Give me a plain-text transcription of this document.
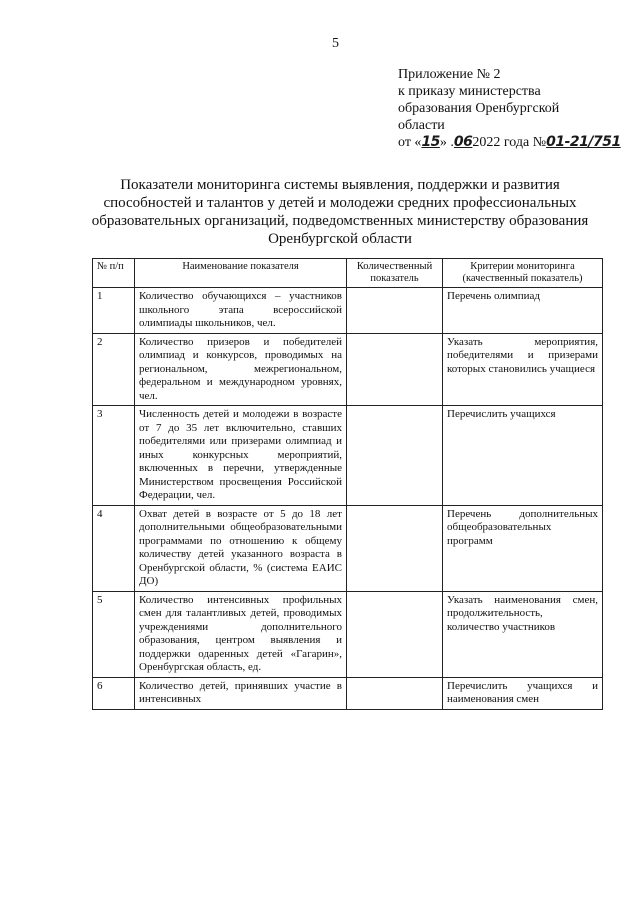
5
Приложение № 2
к приказу министерства
образования Оренбургской
области
от «15» .062022 года №01-21/751
Показатели мониторинга системы выявления, поддержки и развития
способностей и талантов у детей и молодежи средних профессиональных
образовательных организаций, подведомственных министерству образования
Оренбургской области
№ п/п	Наименование показателя	Количественный показатель	Критерии мониторинга (качественный показатель)
1	Количество обучающихся – участников школьного этапа всероссийской олимпиады школьников, чел.		Перечень олимпиад
2	Количество призеров и победителей олимпиад и конкурсов, проводимых на региональном, межрегиональном, федеральном и международном уровнях, чел.		Указать мероприятия, победителями и призерами которых становились учащиеся
3	Численность детей и молодежи в возрасте от 7 до 35 лет включительно, ставших победителями или призерами олимпиад и иных конкурсных мероприятий, включенных в перечни, утвержденные Министерством просвещения Российской Федерации, чел.		Перечислить учащихся
4	Охват детей в возрасте от 5 до 18 лет дополнительными общеобразовательными программами по отношению к общему количеству детей указанного возраста в Оренбургской области, % (система ЕАИС ДО)		Перечень дополнительных общеобразовательных программ
5	Количество интенсивных профильных смен для талантливых детей, проводимых учреждениями дополнительного образования, центром выявления и поддержки одаренных детей «Гагарин», Оренбургская область, ед.		Указать наименования смен, продолжительность, количество участников
6	Количество детей, принявших участие в интенсивных		Перечислить учащихся и наименования смен
